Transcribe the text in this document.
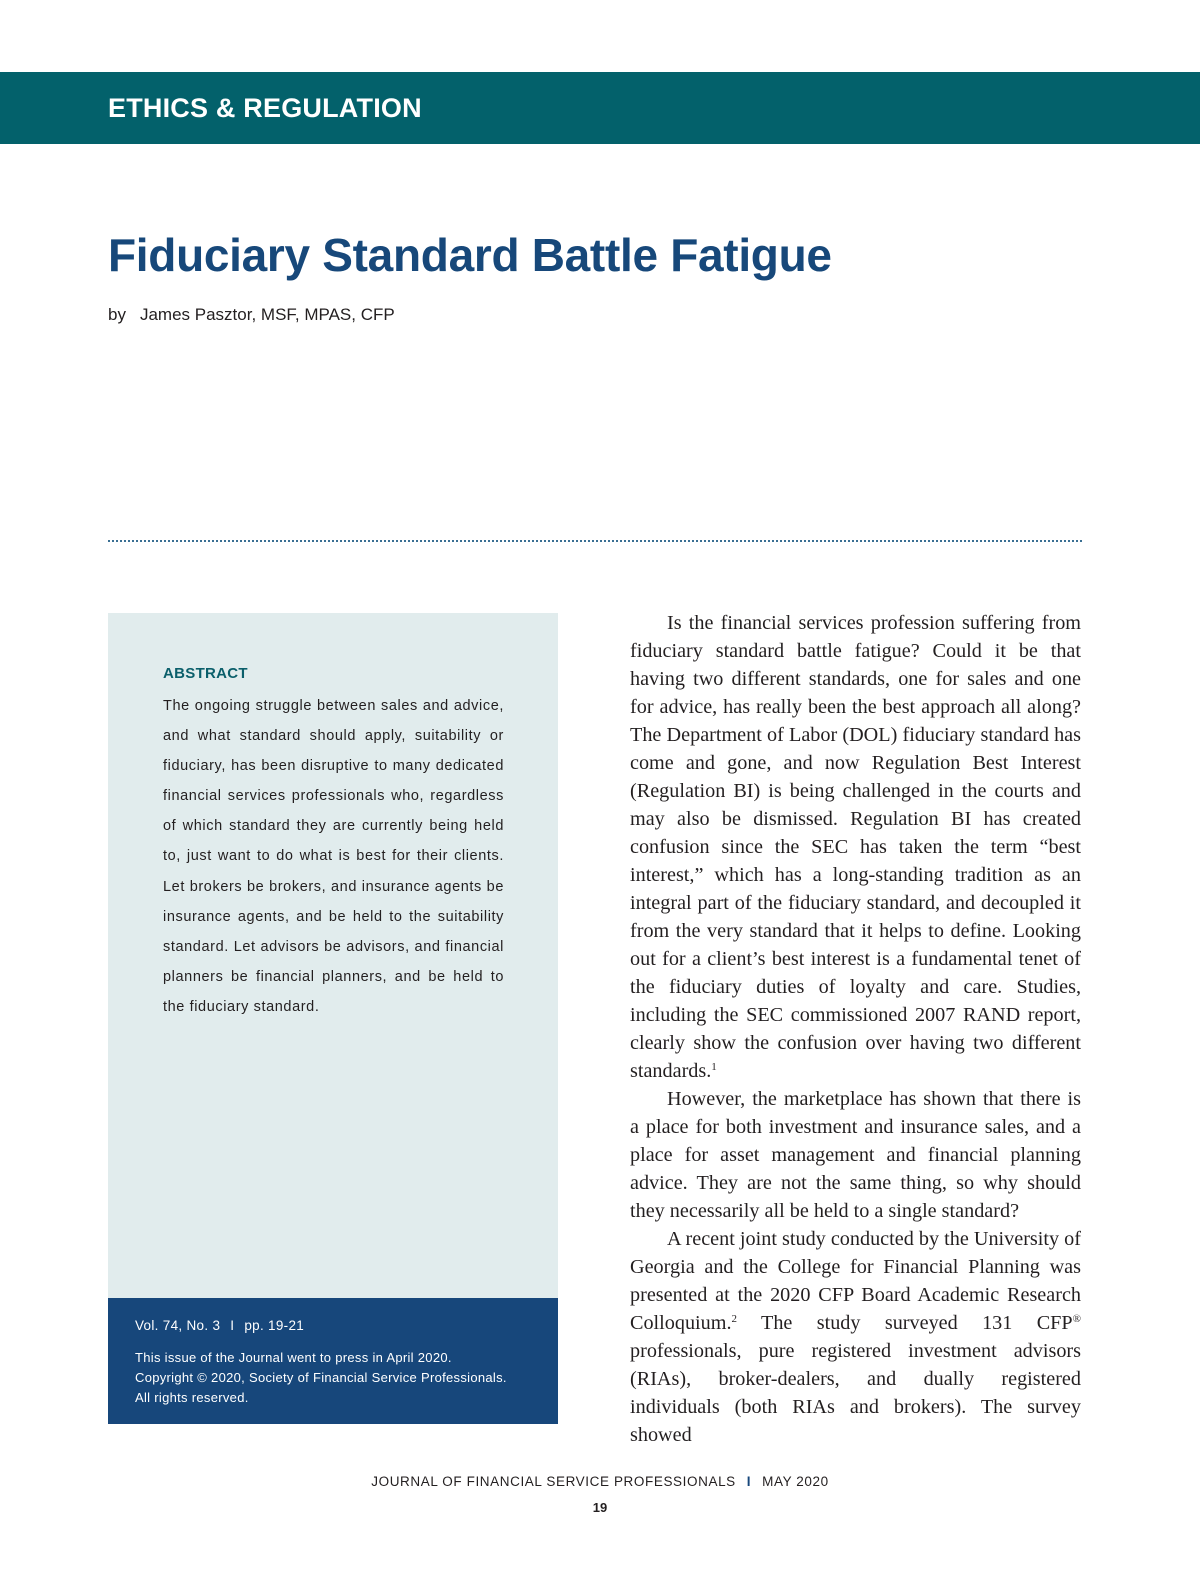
ETHICS & REGULATION
Fiduciary Standard Battle Fatigue
by James Pasztor, MSF, MPAS, CFP
ABSTRACT
The ongoing struggle between sales and advice, and what standard should apply, suitability or fiduciary, has been disruptive to many dedicated financial services professionals who, regardless of which standard they are currently being held to, just want to do what is best for their clients. Let brokers be brokers, and insurance agents be insurance agents, and be held to the suitability standard. Let advisors be advisors, and financial planners be financial planners, and be held to the fiduciary standard.
Vol. 74, No. 3 I pp. 19-21
This issue of the Journal went to press in April 2020.
Copyright © 2020, Society of Financial Service Professionals.
All rights reserved.

Is the financial services profession suffering from fiduciary standard battle fatigue? Could it be that having two different standards, one for sales and one for advice, has really been the best approach all along? The Department of Labor (DOL) fiduciary standard has come and gone, and now Regulation Best Interest (Regulation BI) is being challenged in the courts and may also be dismissed. Regulation BI has created confusion since the SEC has taken the term “best interest,” which has a long-standing tradition as an integral part of the fiduciary standard, and decoupled it from the very standard that it helps to define. Looking out for a client’s best interest is a fundamental tenet of the fiduciary duties of loyalty and care. Studies, including the SEC commissioned 2007 RAND report, clearly show the confusion over having two different standards.$^1$

However, the marketplace has shown that there is a place for both investment and insurance sales, and a place for asset management and financial planning advice. They are not the same thing, so why should they necessarily all be held to a single standard?

A recent joint study conducted by the University of Georgia and the College for Financial Planning was presented at the 2020 CFP Board Academic Research Colloquium.$^2$ The study surveyed 131 CFP® professionals, pure registered investment advisors (RIAs), broker-dealers, and dually registered individuals (both RIAs and brokers). The survey showed

JOURNAL OF FINANCIAL SERVICE PROFESSIONALS I MAY 2020
19
